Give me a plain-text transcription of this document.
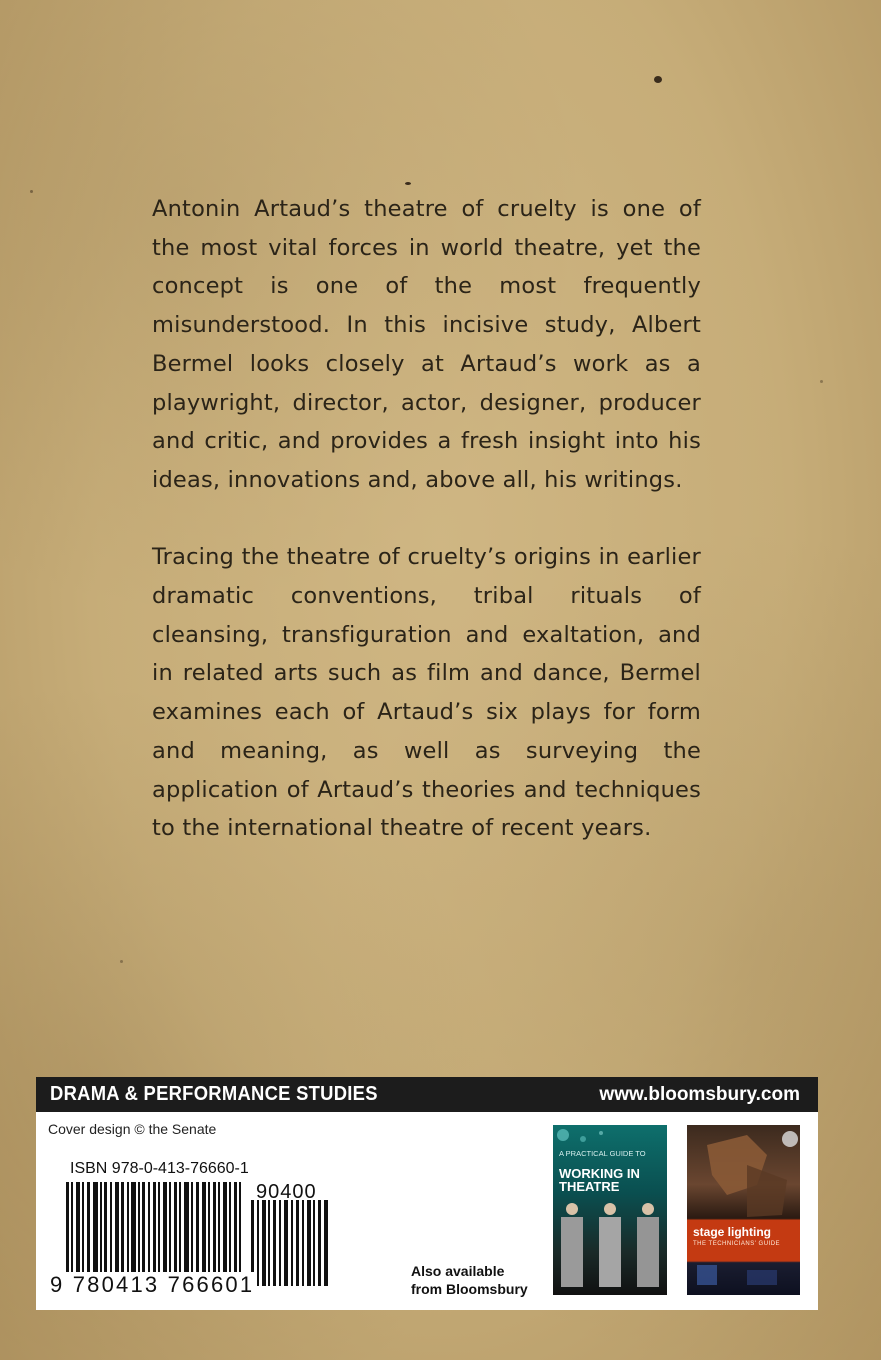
Antonin Artaud’s theatre of cruelty is one of the most vital forces in world theatre, yet the concept is one of the most frequently misunderstood. In this incisive study, Albert Bermel looks closely at Artaud’s work as a playwright, director, actor, designer, producer and critic, and provides a fresh insight into his ideas, innovations and, above all, his writings.

Tracing the theatre of cruelty’s origins in earlier dramatic conventions, tribal rituals of cleansing, transfiguration and exaltation, and in related arts such as film and dance, Bermel examines each of Artaud’s six plays for form and meaning, as well as surveying the application of Artaud’s theories and techniques to the international theatre of recent years.

DRAMA & PERFORMANCE STUDIES	www.bloomsbury.com
Cover design © the Senate
ISBN 978-0-413-76660-1
90400
9 780413 766601
Also available
from Bloomsbury
A PRACTICAL GUIDE TO
WORKING IN THEATRE
stage lighting
THE TECHNICIANS' GUIDE
